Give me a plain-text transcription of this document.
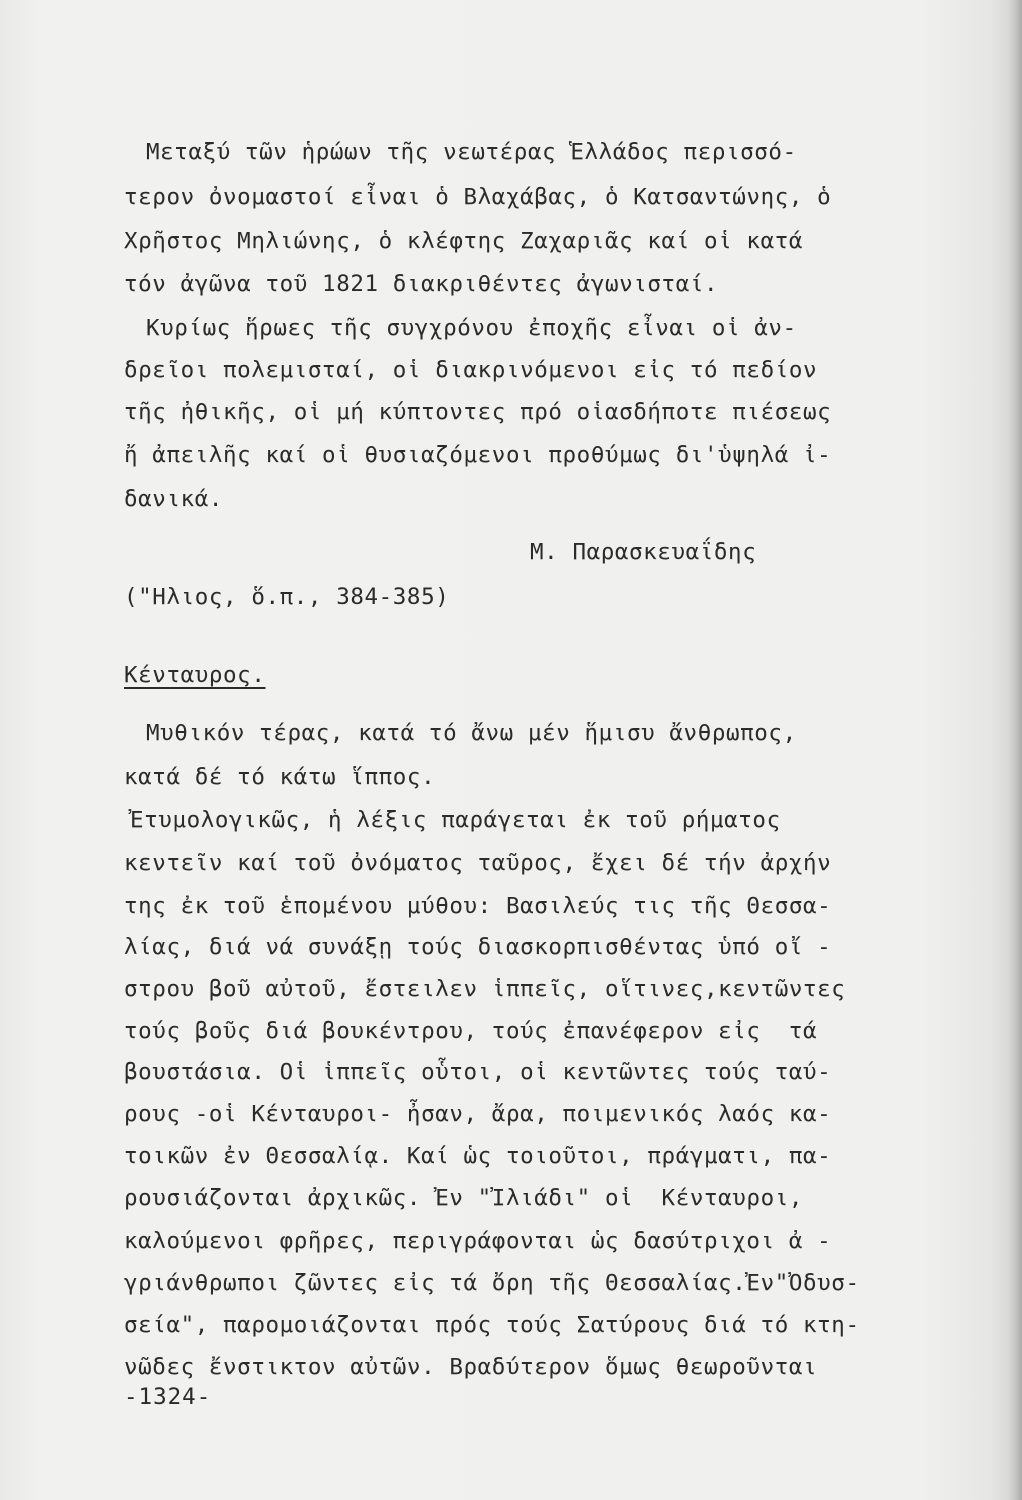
Μεταξύ τῶν ἡρώων τῆς νεωτέρας Ἑλλάδος περισσό-
τερον ὀνομαστοί εἶναι ὁ Βλαχάβας, ὁ Κατσαντώνης, ὁ
Χρῆστος Μηλιώνης, ὁ κλέφτης Ζαχαριᾶς καί οἱ κατά
τόν ἀγῶνα τοῦ 1821 διακριθέντες ἀγωνισταί.
Κυρίως ἥρωες τῆς συγχρόνου ἐποχῆς εἶναι οἱ ἀν-
δρεῖοι πολεμισταί, οἱ διακρινόμενοι εἰς τό πεδίον
τῆς ἠθικῆς, οἱ μή κύπτοντες πρό οἱασδήποτε πιέσεως
ἤ ἀπειλῆς καί οἱ θυσιαζόμενοι προθύμως δι'ὑψηλά ἰ-
δανικά.
Μ. Παρασκευαΐδης
("Ηλιος, ὅ.π., 384-385)
Κένταυρος.
Μυθικόν τέρας, κατά τό ἄνω μέν ἥμισυ ἄνθρωπος,
κατά δέ τό κάτω ἵππος.
Ἐτυμολογικῶς, ἡ λέξις παράγεται ἐκ τοῦ ρήματος
κεντεῖν καί τοῦ ὀνόματος ταῦρος, ἔχει δέ τήν ἀρχήν
της ἐκ τοῦ ἑπομένου μύθου: Βασιλεύς τις τῆς Θεσσα-
λίας, διά νά συνάξῃ τούς διασκορπισθέντας ὑπό οἴ -
στρου βοῦ αὐτοῦ, ἔστειλεν ἱππεῖς, οἵτινες,κεντῶντες
τούς βοῦς διά βουκέντρου, τούς ἐπανέφερον εἰς  τά
βουστάσια. Οἱ ἱππεῖς οὗτοι, οἱ κεντῶντες τούς ταύ-
ρους -οἱ Κένταυροι- ἦσαν, ἄρα, ποιμενικός λαός κα-
τοικῶν ἐν Θεσσαλίᾳ. Καί ὡς τοιοῦτοι, πράγματι, πα-
ρουσιάζονται ἀρχικῶς. Ἐν "Ἰλιάδι" οἱ  Κένταυροι,
καλούμενοι φρῆρες, περιγράφονται ὡς δασύτριχοι ἀ -
γριάνθρωποι ζῶντες εἰς τά ὄρη τῆς Θεσσαλίας.Ἐν"Ὀδυσ-
σεία", παρομοιάζονται πρός τούς Σατύρους διά τό κτη-
νῶδες ἔνστικτον αὐτῶν. Βραδύτερον ὅμως θεωροῦνται
-1324-
